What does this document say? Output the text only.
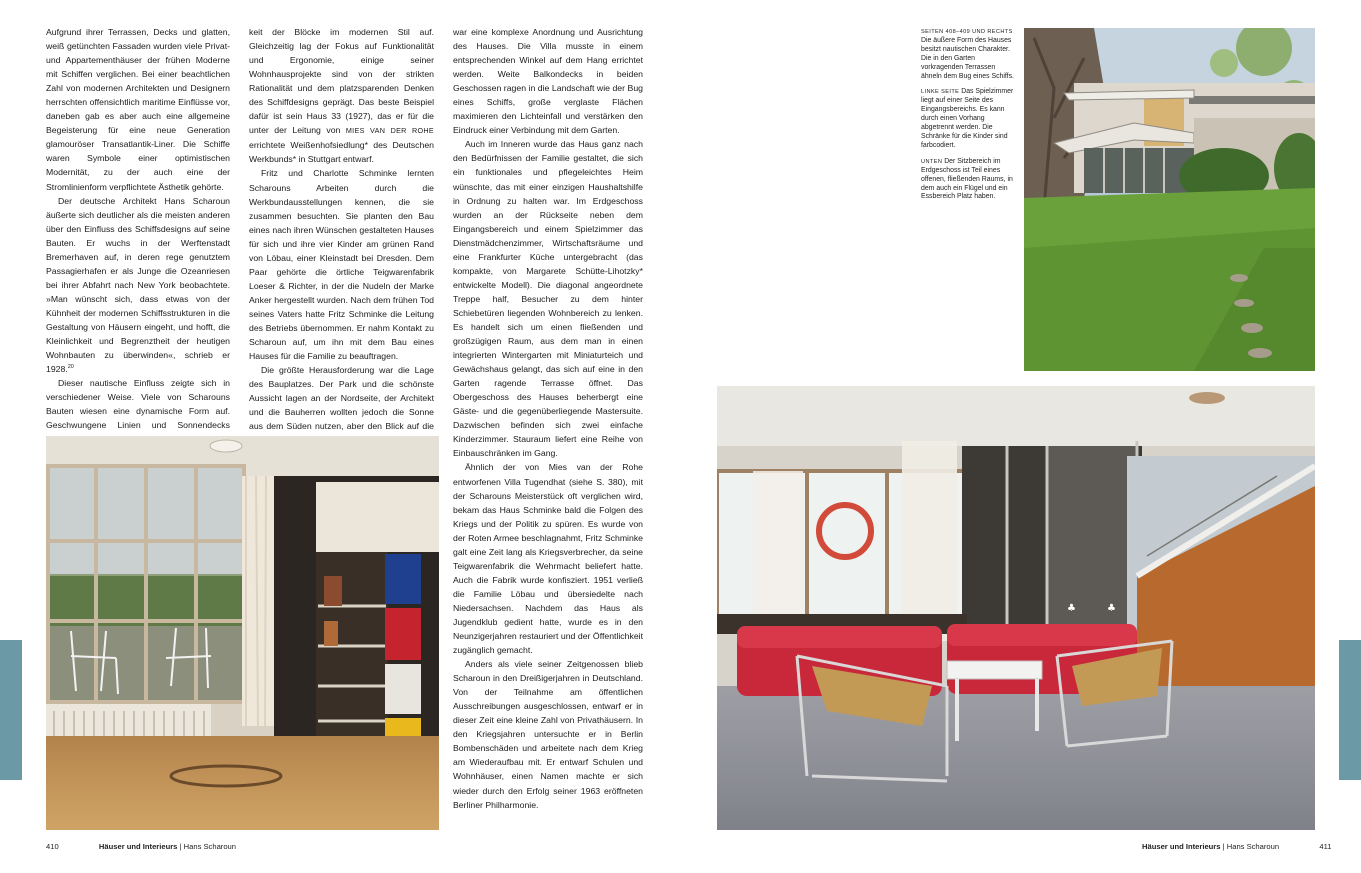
Aufgrund ihrer Terrassen, Decks und glatten, weiß getünchten Fassaden wurden viele Privat- und Appartementhäuser der frühen Moderne mit Schiffen verglichen. Bei einer beachtlichen Zahl von modernen Architekten und Designern herrschten offensichtlich maritime Einflüsse vor, daneben gab es aber auch eine allgemeine Begeisterung für eine neue Generation glamouröser Transatlantik-Liner. Die Schiffe waren Symbole einer optimistischen Modernität, zu der auch eine der Stromlinienform verpflichtete Ästhetik gehörte.

Der deutsche Architekt Hans Scharoun äußerte sich deutlicher als die meisten anderen über den Einfluss des Schiffsdesigns auf seine Bauten. Er wuchs in der Werftenstadt Bremerhaven auf, in deren rege genutztem Passagierhafen er als Junge die Ozeanriesen bei ihrer Abfahrt nach New York beobachtete. »Man wünscht sich, dass etwas von der Kühnheit der modernen Schiffsstrukturen in die Gestaltung von Häusern eingeht, und hofft, die Kleinlichkeit und Begrenztheit der heutigen Wohnbauten zu überwinden«, schrieb er 1928.20

Dieser nautische Einfluss zeigte sich in verschiedener Weise. Viele von Scharouns Bauten wiesen eine dynamische Form auf. Geschwungene Linien und Sonnendecks

keit der Blöcke im modernen Stil auf. Gleichzeitig lag der Fokus auf Funktionalität und Ergonomie, einige seiner Wohnhausprojekte sind von der strikten Rationalität und dem platzsparenden Denken des Schiffdesigns geprägt. Das beste Beispiel dafür ist sein Haus 33 (1927), das er für die unter der Leitung von MIES VAN DER ROHE errichtete Weißenhofsiedlung* des Deutschen Werkbunds* in Stuttgart entwarf.

Fritz und Charlotte Schminke lernten Scharouns Arbeiten durch die Werkbundausstellungen kennen, die sie zusammen besuchten. Sie planten den Bau eines nach ihren Wünschen gestalteten Hauses für sich und ihre vier Kinder am grünen Rand von Löbau, einer Kleinstadt bei Dresden. Dem Paar gehörte die örtliche Teigwarenfabrik Loeser & Richter, in der die Nudeln der Marke Anker hergestellt wurden. Nach dem frühen Tod seines Vaters hatte Fritz Schminke die Leitung des Betriebs übernommen. Er nahm Kontakt zu Scharoun auf, um ihn mit dem Bau eines Hauses für die Familie zu beauftragen.

Die größte Herausforderung war die Lage des Bauplatzes. Der Park und die schönste Aussicht lagen an der Nordseite, der Architekt und die Bauherren wollten jedoch die Sonne aus dem Süden nutzen, aber den Blick auf die

war eine komplexe Anordnung und Ausrichtung des Hauses. Die Villa musste in einem entsprechenden Winkel auf dem Hang errichtet werden. Weite Balkondecks in beiden Geschossen ragen in die Landschaft wie der Bug eines Schiffs, große verglaste Flächen maximieren den Lichteinfall und verstärken den Eindruck einer Verbindung mit dem Garten.

Auch im Inneren wurde das Haus ganz nach den Bedürfnissen der Familie gestaltet, die sich ein funktionales und pflegeleichtes Heim wünschte, das mit einer einzigen Haushaltshilfe in Ordnung zu halten war. Im Erdgeschoss wurden an der Rückseite neben dem Eingangsbereich und einem Spielzimmer das Dienstmädchenzimmer, Wirtschaftsräume und eine Frankfurter Küche untergebracht (das kompakte, von Margarete Schütte-Lihotzky* entwickelte Modell). Die diagonal angeordnete Treppe half, Besucher zu dem hinter Schiebetüren liegenden Wohnbereich zu lenken. Es handelt sich um einen fließenden und großzügigen Raum, aus dem man in einen integrierten Wintergarten mit Miniaturteich und Gewächshaus gelangt, das sich auf eine in den Garten ragende Terrasse öffnet. Das Obergeschoss des Hauses beherbergt eine Gäste- und die gegenüberliegende Mastersuite. Dazwischen befinden sich zwei einfache Kinderzimmer. Stauraum liefert eine Reihe von Einbauschränken im Gang.

Ähnlich der von Mies van der Rohe entworfenen Villa Tugendhat (siehe S. 380), mit der Scharouns Meisterstück oft verglichen wird, bekam das Haus Schminke bald die Folgen des Kriegs und der Politik zu spüren. Es wurde von der Roten Armee beschlagnahmt, Fritz Schminke galt eine Zeit lang als Kriegsverbrecher, da seine Teigwarenfabrik die Wehrmacht beliefert hatte. Auch die Fabrik wurde konfisziert. 1951 verließ die Familie Löbau und übersiedelte nach Niedersachsen. Nachdem das Haus als Jugendklub gedient hatte, wurde es in den Neunzigerjahren restauriert und der Öffentlichkeit zugänglich gemacht.

Anders als viele seiner Zeitgenossen blieb Scharoun in den Dreißigerjahren in Deutschland. Von der Teilnahme am öffentlichen Ausschreibungen ausgeschlossen, entwarf er in dieser Zeit eine kleine Zahl von Privathäusern. In den Kriegsjahren untersuchte er in Berlin Bombenschäden und arbeitete nach dem Krieg am Wiederaufbau mit. Er entwarf Schulen und Wohnhäuser, einen Namen machte er sich wieder durch den Erfolg seiner 1963 eröffneten Berliner Philharmonie.

SEITEN 408–409 UND RECHTS Die äußere Form des Hauses besitzt nautischen Charakter. Die in den Garten vorkragenden Terrassen ähneln dem Bug eines Schiffs.

LINKE SEITE Das Spielzimmer liegt auf einer Seite des Eingangsbereichs. Es kann durch einen Vorhang abgetrennt werden. Die Schränke für die Kinder sind farbcodiert.

UNTEN Der Sitzbereich im Erdgeschoss ist Teil eines offenen, fließenden Raums, in dem auch ein Flügel und ein Essbereich Platz haben.

♣	♣
410	Häuser und Interieurs | Hans Scharoun	Häuser und Interieurs | Hans Scharoun	411
